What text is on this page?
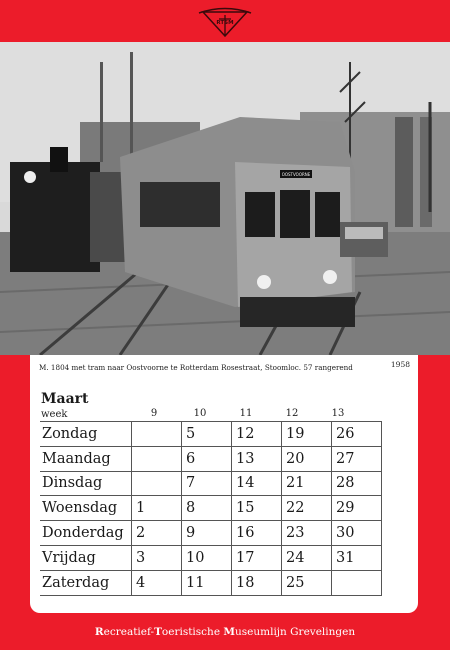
RTSM
OOSTVOORNE
M. 1804 met tram naar Oostvoorne te Rotterdam Rosestraat, Stoomloc. 57 rangerend	1958
Maart
week	9	10	11	12	13
Zondag		5	12	19	26
Maandag		6	13	20	27
Dinsdag		7	14	21	28
Woensdag	1	8	15	22	29
Donderdag	2	9	16	23	30
Vrijdag	3	10	17	24	31
Zaterdag	4	11	18	25	
Recreatief-Toeristische Museumlijn Grevelingen
